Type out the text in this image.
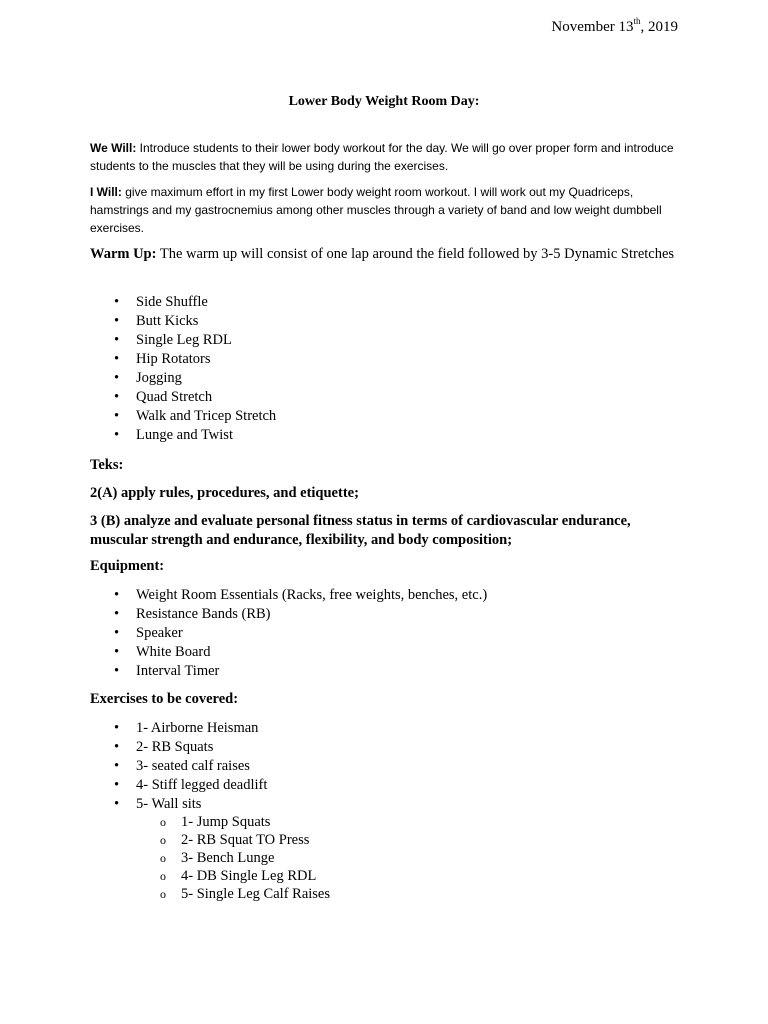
November 13th, 2019
Lower Body Weight Room Day:
We Will: Introduce students to their lower body workout for the day. We will go over proper form and introduce students to the muscles that they will be using during the exercises.
I Will: give maximum effort in my first Lower body weight room workout. I will work out my Quadriceps, hamstrings and my gastrocnemius among other muscles through a variety of band and low weight dumbbell exercises.
Warm Up: The warm up will consist of one lap around the field followed by 3-5 Dynamic Stretches
• Side Shuffle
• Butt Kicks
• Single Leg RDL
• Hip Rotators
• Jogging
• Quad Stretch
• Walk and Tricep Stretch
• Lunge and Twist
Teks:
2(A) apply rules, procedures, and etiquette;
3 (B) analyze and evaluate personal fitness status in terms of cardiovascular endurance, muscular strength and endurance, flexibility, and body composition;
Equipment:
• Weight Room Essentials (Racks, free weights, benches, etc.)
• Resistance Bands (RB)
• Speaker
• White Board
• Interval Timer
Exercises to be covered:
• 1- Airborne Heisman
• 2- RB Squats
• 3- seated calf raises
• 4- Stiff legged deadlift
• 5- Wall sits
o 1- Jump Squats
o 2- RB Squat TO Press
o 3- Bench Lunge
o 4- DB Single Leg RDL
o 5- Single Leg Calf Raises
